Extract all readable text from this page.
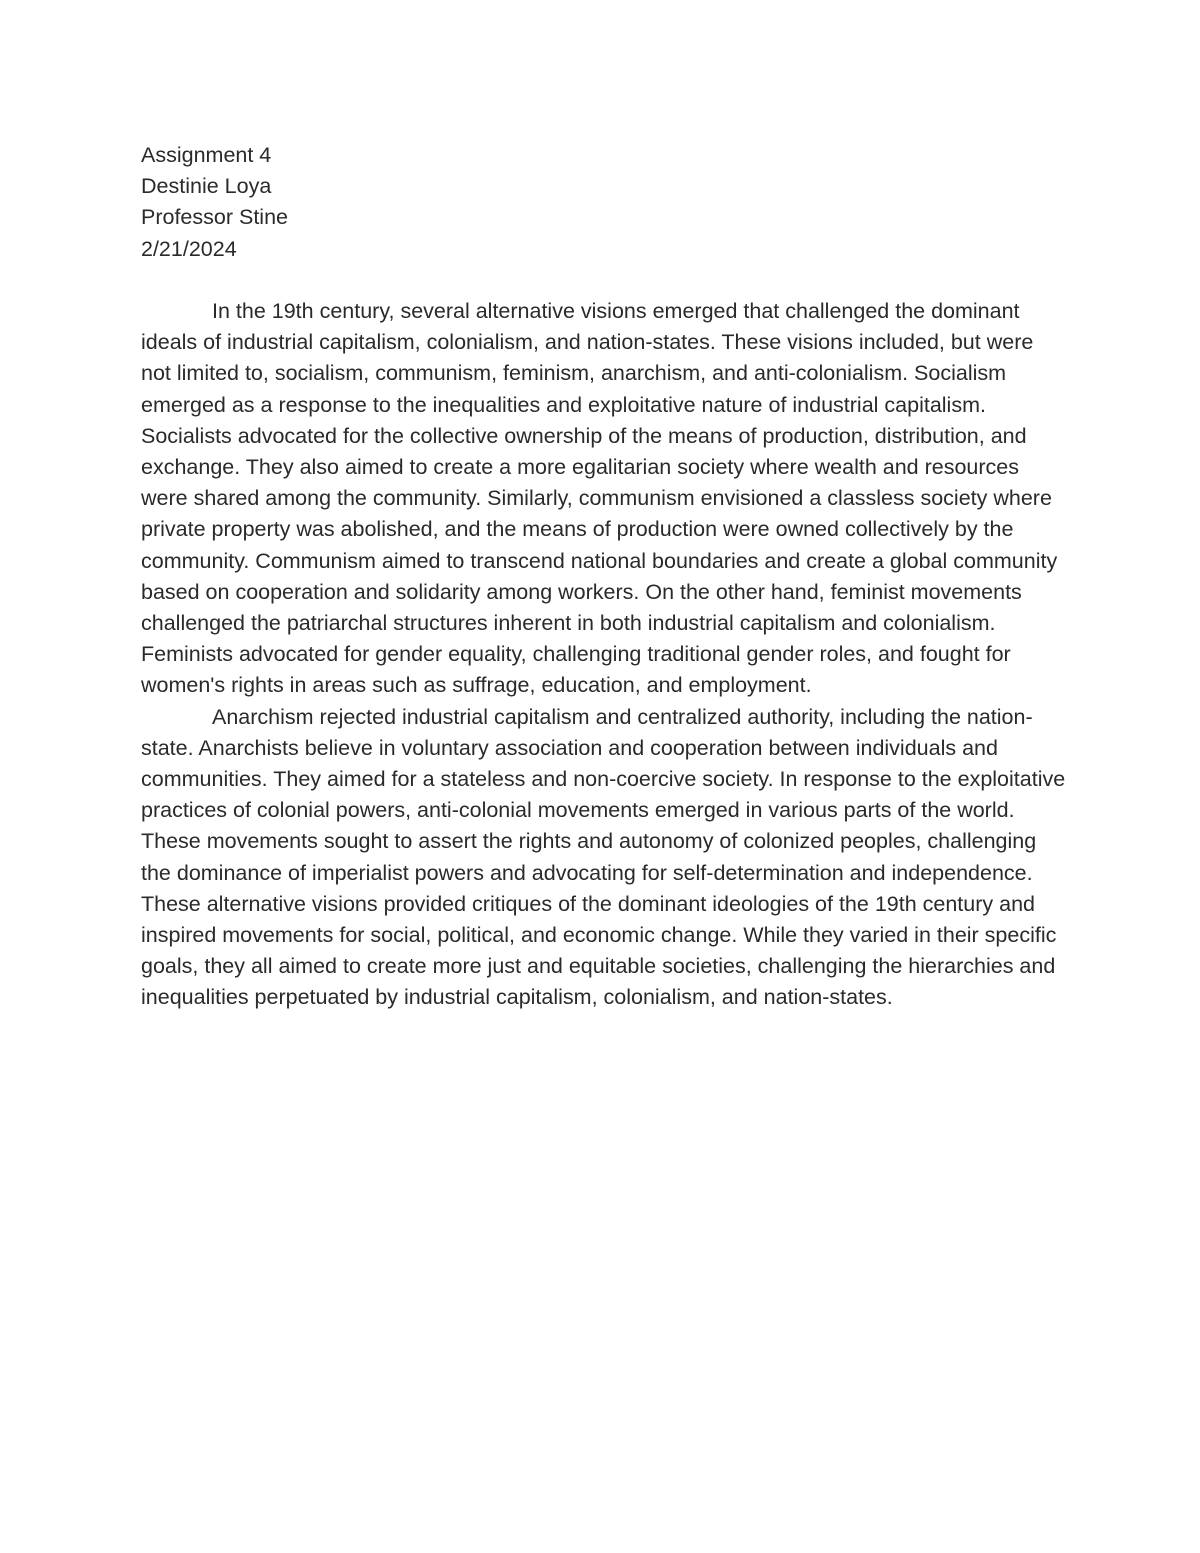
Assignment 4

Destinie Loya

Professor Stine

2/21/2024

In the 19th century, several alternative visions emerged that challenged the dominant ideals of industrial capitalism, colonialism, and nation-states. These visions included, but were not limited to, socialism, communism, feminism, anarchism, and anti-colonialism. Socialism emerged as a response to the inequalities and exploitative nature of industrial capitalism. Socialists advocated for the collective ownership of the means of production, distribution, and exchange. They also aimed to create a more egalitarian society where wealth and resources were shared among the community. Similarly, communism envisioned a classless society where private property was abolished, and the means of production were owned collectively by the community. Communism aimed to transcend national boundaries and create a global community based on cooperation and solidarity among workers. On the other hand, feminist movements challenged the patriarchal structures inherent in both industrial capitalism and colonialism. Feminists advocated for gender equality, challenging traditional gender roles, and fought for women's rights in areas such as suffrage, education, and employment.

Anarchism rejected industrial capitalism and centralized authority, including the nation-state. Anarchists believe in voluntary association and cooperation between individuals and communities. They aimed for a stateless and non-coercive society. In response to the exploitative practices of colonial powers, anti-colonial movements emerged in various parts of the world. These movements sought to assert the rights and autonomy of colonized peoples, challenging the dominance of imperialist powers and advocating for self-determination and independence. These alternative visions provided critiques of the dominant ideologies of the 19th century and inspired movements for social, political, and economic change. While they varied in their specific goals, they all aimed to create more just and equitable societies, challenging the hierarchies and inequalities perpetuated by industrial capitalism, colonialism, and nation-states.
